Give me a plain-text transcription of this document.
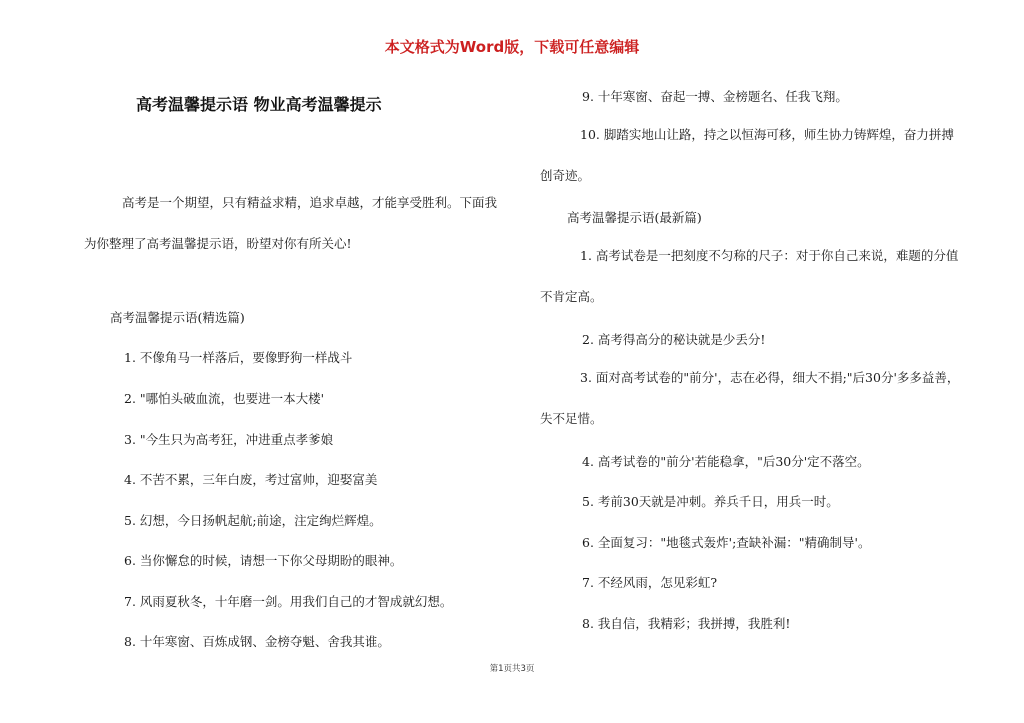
本文格式为Word版，下载可任意编辑
高考温馨提示语 物业高考温馨提示
高考是一个期望，只有精益求精，追求卓越，才能享受胜利。下面我为你整理了高考温馨提示语，盼望对你有所关心!
高考温馨提示语(精选篇)
1. 不像角马一样落后，要像野狗一样战斗
2. "哪怕头破血流，也要进一本大楼'
3. "今生只为高考狂，冲进重点孝爹娘
4. 不苦不累，三年白废，考过富帅，迎娶富美
5. 幻想，今日扬帆起航;前途，注定绚烂辉煌。
6. 当你懈怠的时候，请想一下你父母期盼的眼神。
7. 风雨夏秋冬，十年磨一剑。用我们自己的才智成就幻想。
8. 十年寒窗、百炼成钢、金榜夺魁、舍我其谁。
9. 十年寒窗、奋起一搏、金榜题名、任我飞翔。
10. 脚踏实地山让路，持之以恒海可移，师生协力铸辉煌，奋力拼搏创奇迹。
高考温馨提示语(最新篇)
1. 高考试卷是一把刻度不匀称的尺子：对于你自己来说，难题的分值不肯定高。
2. 高考得高分的秘诀就是少丢分!
3. 面对高考试卷的"前分'，志在必得，细大不捐;"后30分'多多益善，失不足惜。
4. 高考试卷的"前分'若能稳拿，"后30分'定不落空。
5. 考前30天就是冲刺。养兵千日，用兵一时。
6. 全面复习："地毯式轰炸';查缺补漏："精确制导'。
7. 不经风雨，怎见彩虹?
8. 我自信，我精彩；我拼搏，我胜利!
第1页共3页
